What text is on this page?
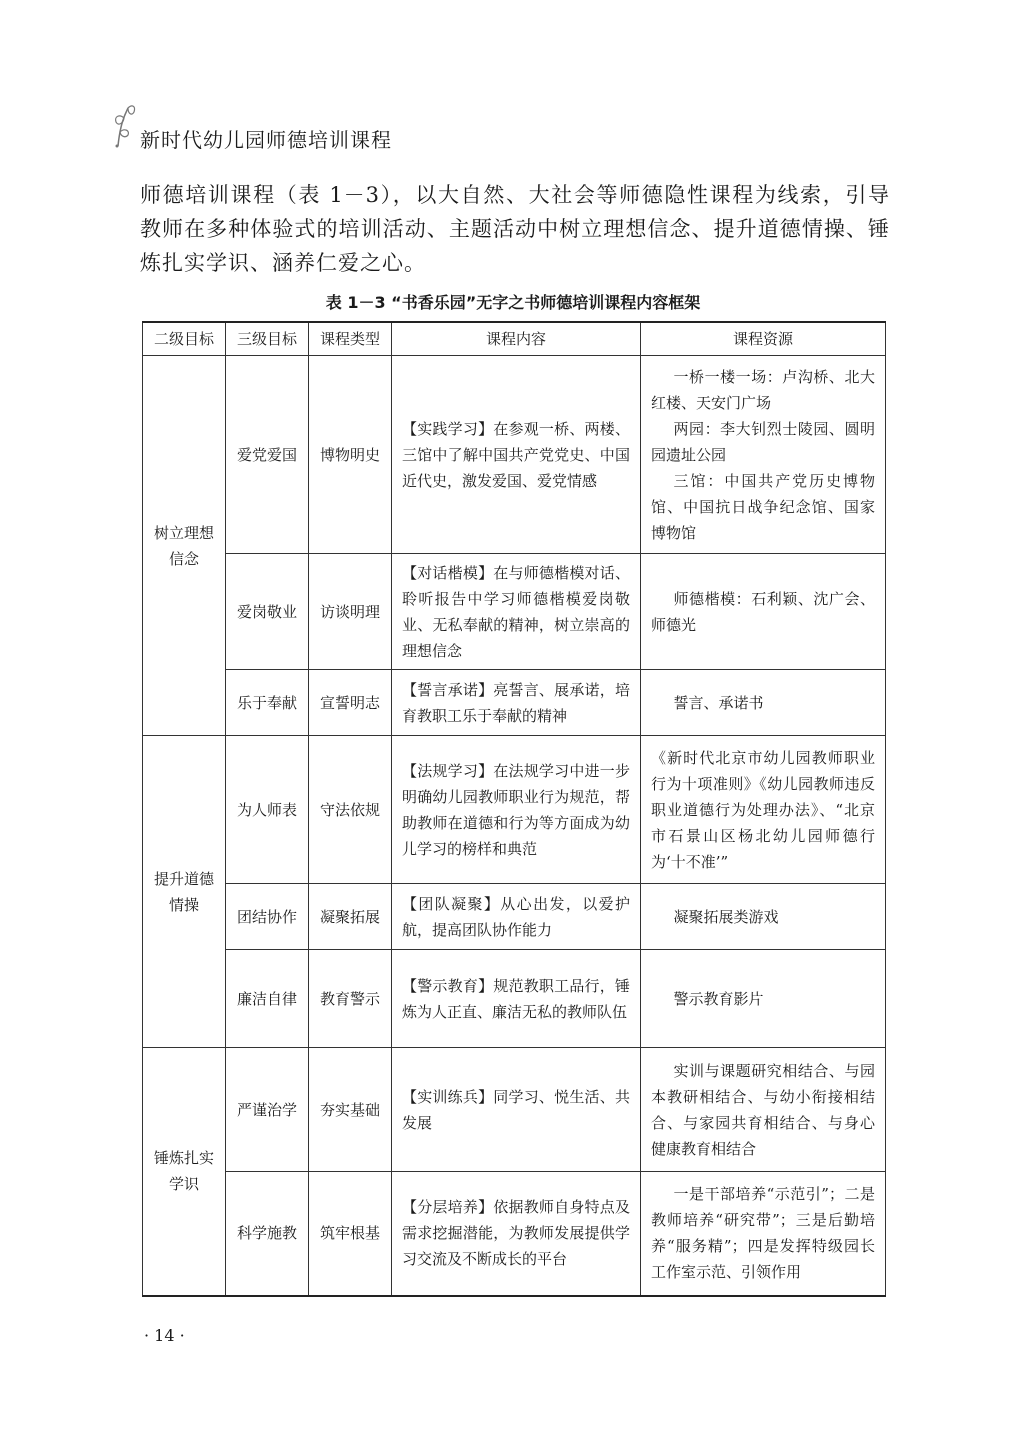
新时代幼儿园师德培训课程

师德培训课程（表 1－3），以大自然、大社会等师德隐性课程为线索，引导教师在多种体验式的培训活动、主题活动中树立理想信念、提升道德情操、锤炼扎实学识、涵养仁爱之心。

表 1－3 “书香乐园”无字之书师德培训课程内容框架
二级目标	三级目标	课程类型	课程内容	课程资源
树立理想信念	爱党爱国	博物明史	【实践学习】在参观一桥、两楼、三馆中了解中国共产党党史、中国近代史，激发爱国、爱党情感	一桥一楼一场：卢沟桥、北大红楼、天安门广场
两园：李大钊烈士陵园、圆明园遗址公园
三馆：中国共产党历史博物馆、中国抗日战争纪念馆、国家博物馆

	爱岗敬业	访谈明理	【对话楷模】在与师德楷模对话、聆听报告中学习师德楷模爱岗敬业、无私奉献的精神，树立崇高的理想信念	师德楷模：石利颖、沈广会、师德光

	乐于奉献	宣誓明志	【誓言承诺】亮誓言、展承诺，培育教职工乐于奉献的精神	誓言、承诺书

提升道德情操	为人师表	守法依规	【法规学习】在法规学习中进一步明确幼儿园教师职业行为规范，帮助教师在道德和行为等方面成为幼儿学习的榜样和典范	《新时代北京市幼儿园教师职业行为十项准则》《幼儿园教师违反职业道德行为处理办法》、“北京市石景山区杨北幼儿园师德行为‘十不准’”

	团结协作	凝聚拓展	【团队凝聚】从心出发，以爱护航，提高团队协作能力	凝聚拓展类游戏

	廉洁自律	教育警示	【警示教育】规范教职工品行，锤炼为人正直、廉洁无私的教师队伍	警示教育影片

锤炼扎实学识	严谨治学	夯实基础	【实训练兵】同学习、悦生活、共发展	实训与课题研究相结合、与园本教研相结合、与幼小衔接相结合、与家园共育相结合、与身心健康教育相结合

	科学施教	筑牢根基	【分层培养】依据教师自身特点及需求挖掘潜能，为教师发展提供学习交流及不断成长的平台	一是干部培养“示范引”；二是教师培养“研究带”；三是后勤培养“服务精”；四是发挥特级园长工作室示范、引领作用
· 14 ·
